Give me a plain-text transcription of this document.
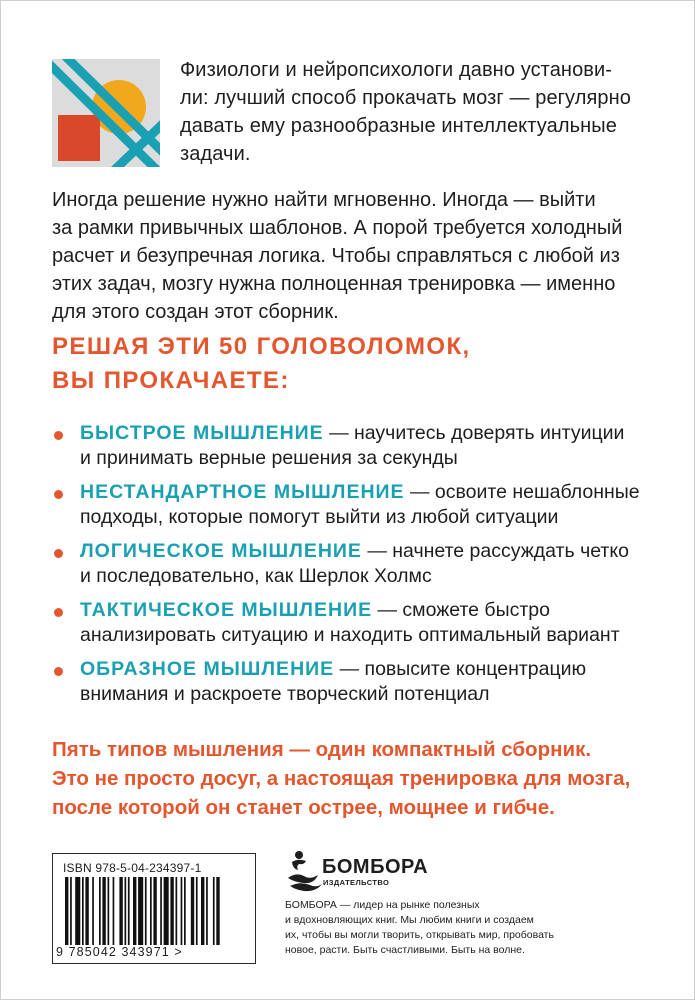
Физиологи и нейропсихологи давно установи-
ли: лучший способ прокачать мозг — регулярно
давать ему разнообразные интеллектуальные
задачи.
Иногда решение нужно найти мгновенно. Иногда — выйти
за рамки привычных шаблонов. А порой требуется холодный
расчет и безупречная логика. Чтобы справляться с любой из
этих задач, мозгу нужна полноценная тренировка — именно
для этого создан этот сборник.
РЕШАЯ ЭТИ 50 ГОЛОВОЛОМОК,
ВЫ ПРОКАЧАЕТЕ:
БЫСТРОЕ МЫШЛЕНИЕ — научитесь доверять интуиции
и принимать верные решения за секунды
НЕСТАНДАРТНОЕ МЫШЛЕНИЕ — освоите нешаблонные
подходы, которые помогут выйти из любой ситуации
ЛОГИЧЕСКОЕ МЫШЛЕНИЕ — начнете рассуждать четко
и последовательно, как Шерлок Холмс
ТАКТИЧЕСКОЕ МЫШЛЕНИЕ — сможете быстро
анализировать ситуацию и находить оптимальный вариант
ОБРАЗНОЕ МЫШЛЕНИЕ — повысите концентрацию
внимания и раскроете творческий потенциал
Пять типов мышления — один компактный сборник.
Это не просто досуг, а настоящая тренировка для мозга,
после которой он станет острее, мощнее и гибче.
ISBN 978-5-04-234397-1
9 785042 343971 >
БОМБОРА
ИЗДАТЕЛЬСТВО
БОМБОРА — лидер на рынке полезных
и вдохновляющих книг. Мы любим книги и создаем
их, чтобы вы могли творить, открывать мир, пробовать
новое, расти. Быть счастливыми. Быть на волне.
